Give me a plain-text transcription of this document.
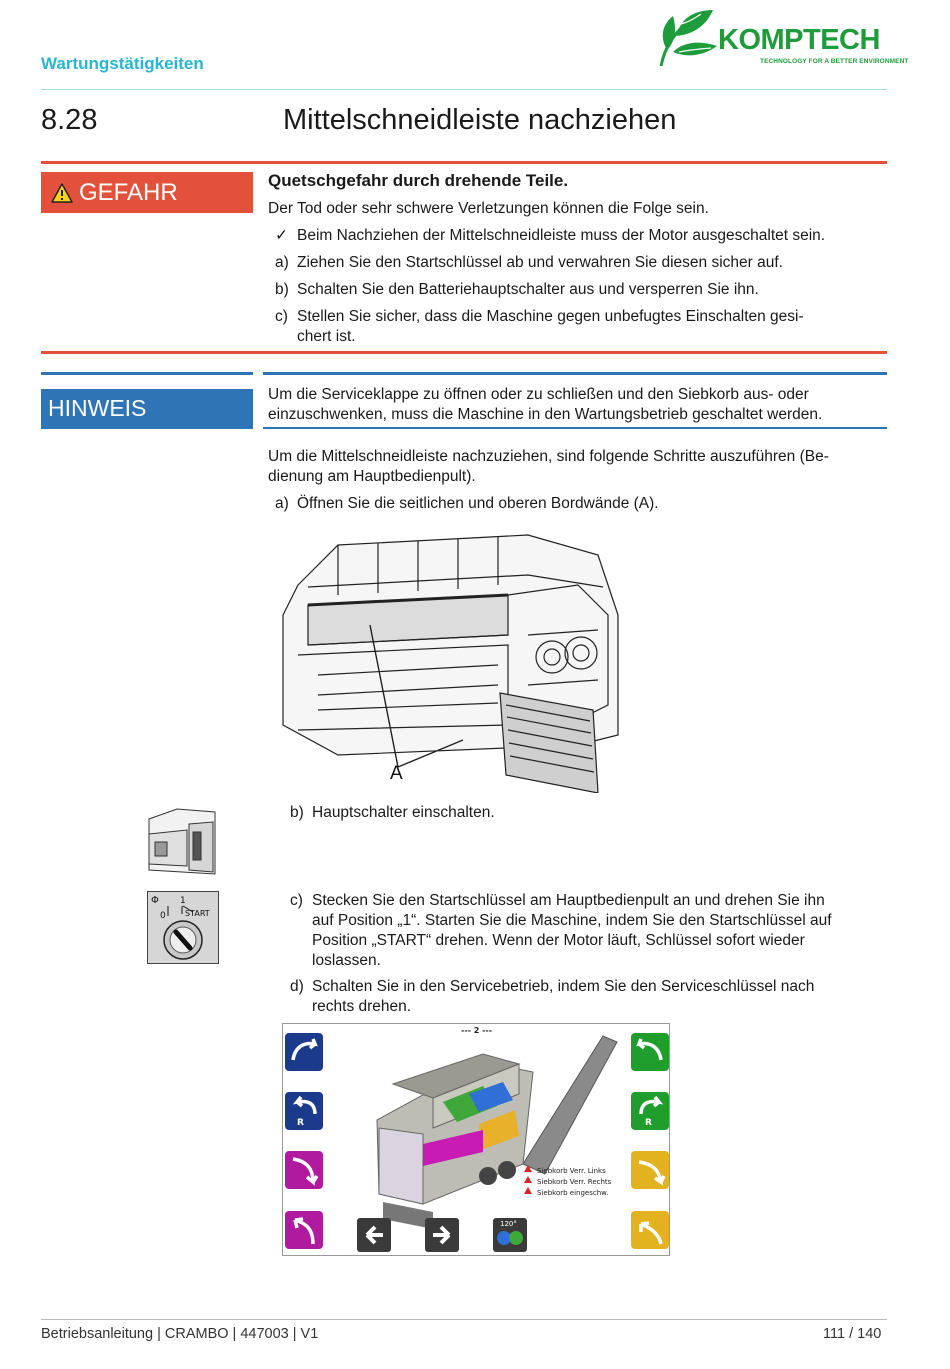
Wartungstätigkeiten
KOMPTECH
TECHNOLOGY FOR A BETTER ENVIRONMENT
8.28	Mittelschneidleiste nachziehen
GEFAHR	Quetschgefahr durch drehende Teile.
Der Tod oder sehr schwere Verletzungen können die Folge sein.
✓ Beim Nachziehen der Mittelschneidleiste muss der Motor ausgeschaltet sein.
a) Ziehen Sie den Startschlüssel ab und verwahren Sie diesen sicher auf.
b) Schalten Sie den Batteriehauptschalter aus und versperren Sie ihn.
c) Stellen Sie sicher, dass die Maschine gegen unbefugtes Einschalten gesi-
chert ist.
HINWEIS	Um die Serviceklappe zu öffnen oder zu schließen und den Siebkorb aus- oder
einzuschwenken, muss die Maschine in den Wartungsbetrieb geschaltet werden.
Um die Mittelschneidleiste nachzuziehen, sind folgende Schritte auszuführen (Be-
dienung am Hauptbedienpult).
a) Öffnen Sie die seitlichen und oberen Bordwände (A).
A
b) Hauptschalter einschalten.
Φ 1
0 START
c) Stecken Sie den Startschlüssel am Hauptbedienpult an und drehen Sie ihn
auf Position „1“. Starten Sie die Maschine, indem Sie den Startschlüssel auf
Position „START“ drehen. Wenn der Motor läuft, Schlüssel sofort wieder
loslassen.
d) Schalten Sie in den Servicebetrieb, indem Sie den Serviceschlüssel nach
rechts drehen.
--- 2 ---
R	R
Siebkorb Verr. Links
Siebkorb Verr. Rechts
Siebkorb eingeschw.
120°
Betriebsanleitung | CRAMBO | 447003 | V1	111 / 140
